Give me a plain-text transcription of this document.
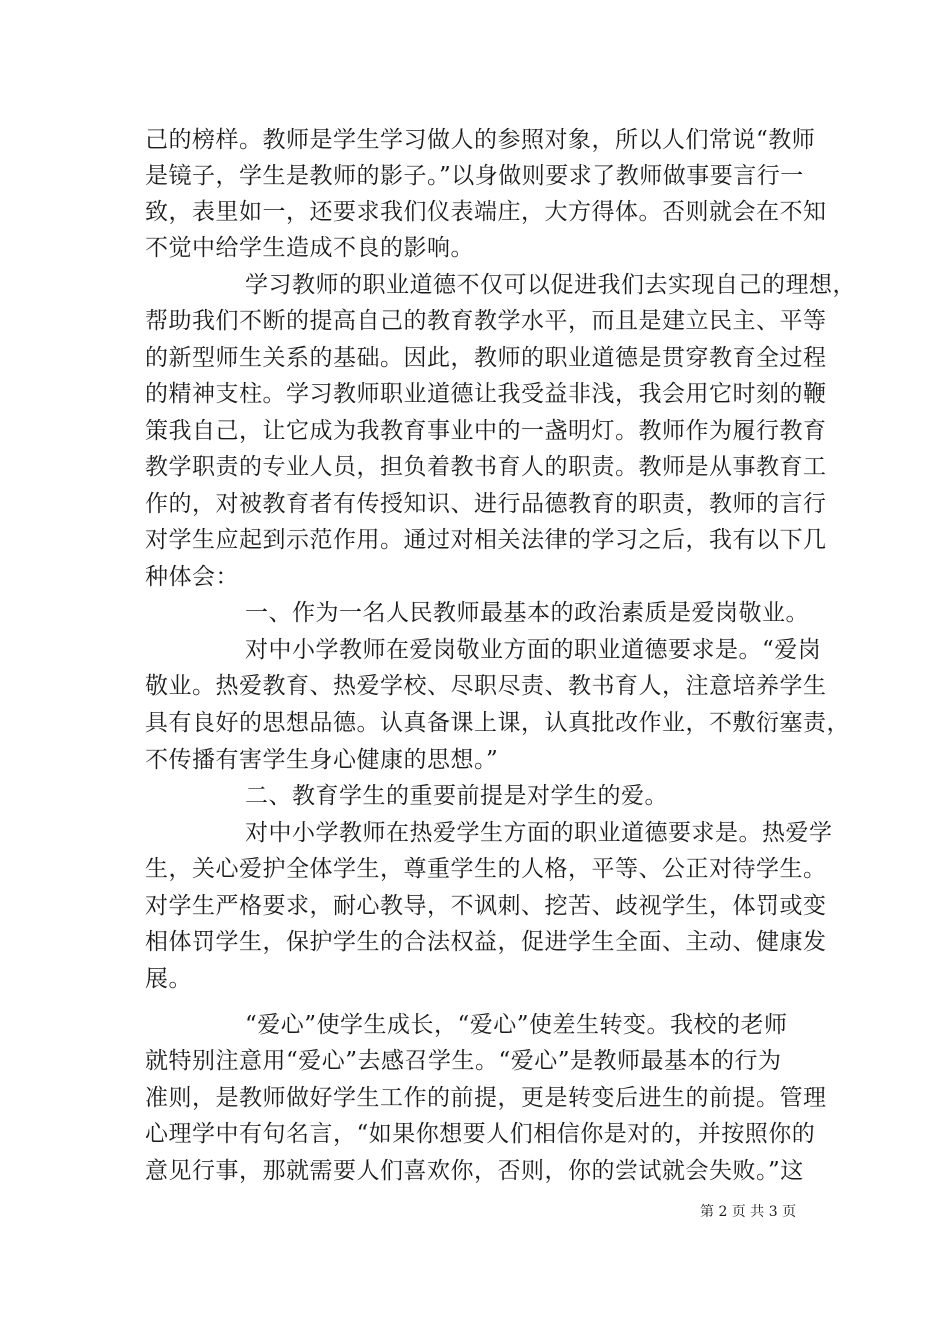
己的榜样。教师是学生学习做人的参照对象，所以人们常说“教师
是镜子，学生是教师的影子。”以身做则要求了教师做事要言行一
致，表里如一，还要求我们仪表端庄，大方得体。否则就会在不知
不觉中给学生造成不良的影响。
学习教师的职业道德不仅可以促进我们去实现自己的理想，
帮助我们不断的提高自己的教育教学水平，而且是建立民主、平等
的新型师生关系的基础。因此，教师的职业道德是贯穿教育全过程
的精神支柱。学习教师职业道德让我受益非浅，我会用它时刻的鞭
策我自己，让它成为我教育事业中的一盏明灯。教师作为履行教育
教学职责的专业人员，担负着教书育人的职责。教师是从事教育工
作的，对被教育者有传授知识、进行品德教育的职责，教师的言行
对学生应起到示范作用。通过对相关法律的学习之后，我有以下几
种体会：
一、作为一名人民教师最基本的政治素质是爱岗敬业。
对中小学教师在爱岗敬业方面的职业道德要求是。“爱岗
敬业。热爱教育、热爱学校、尽职尽责、教书育人，注意培养学生
具有良好的思想品德。认真备课上课，认真批改作业，不敷衍塞责，
不传播有害学生身心健康的思想。”
二、教育学生的重要前提是对学生的爱。
对中小学教师在热爱学生方面的职业道德要求是。热爱学
生，关心爱护全体学生，尊重学生的人格，平等、公正对待学生。
对学生严格要求，耐心教导，不讽刺、挖苦、歧视学生，体罚或变
相体罚学生，保护学生的合法权益，促进学生全面、主动、健康发
展。
“爱心”使学生成长，“爱心”使差生转变。我校的老师
就特别注意用“爱心”去感召学生。“爱心”是教师最基本的行为
准则，是教师做好学生工作的前提，更是转变后进生的前提。管理
心理学中有句名言，“如果你想要人们相信你是对的，并按照你的
意见行事，那就需要人们喜欢你，否则，你的尝试就会失败。”这
第 2 页 共 3 页
